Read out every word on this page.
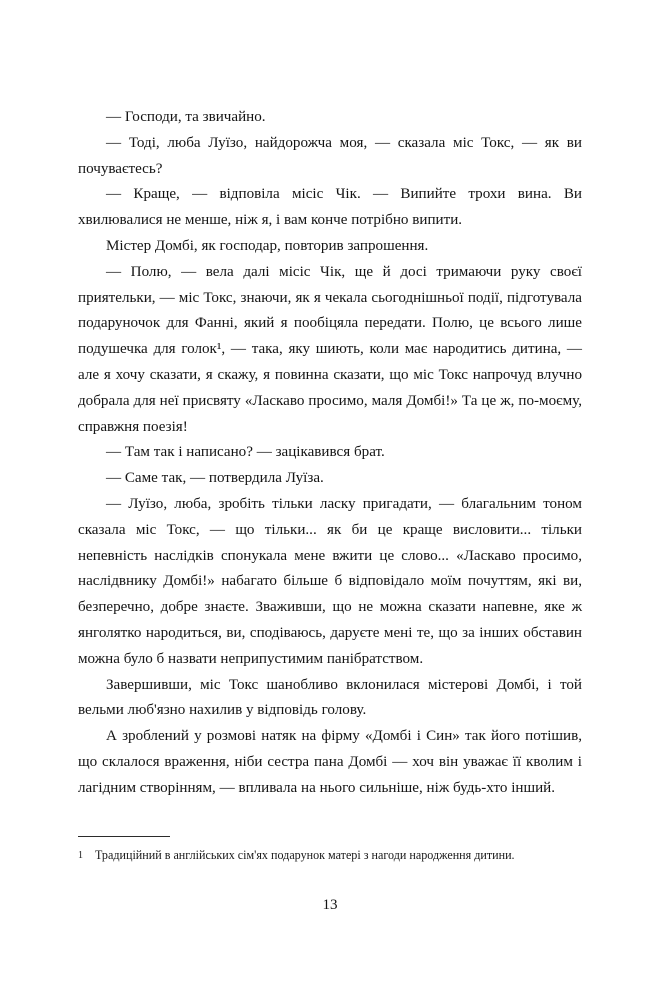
— Господи, та звичайно.

— Тоді, люба Луїзо, найдорожча моя, — сказала міс Токс, — як ви почуваєтесь?

— Краще, — відповіла місіс Чік. — Випийте трохи вина. Ви хвилювалися не менше, ніж я, і вам конче потрібно випити.

Містер Домбі, як господар, повторив запрошення.

— Полю, — вела далі місіс Чік, ще й досі тримаючи руку своєї приятельки, — міс Токс, знаючи, як я чекала сьогоднішньої події, підготувала подаруночок для Фанні, який я пообіцяла передати. Полю, це всього лише подушечка для голок¹, — така, яку шиють, коли має народитись дитина, — але я хочу сказати, я скажу, я повинна сказати, що міс Токс напрочуд влучно добрала для неї присвяту «Ласкаво просимо, маля Домбі!» Та це ж, по-моєму, справжня поезія!

— Там так і написано? — зацікавився брат.

— Саме так, — потвердила Луїза.

— Луїзо, люба, зробіть тільки ласку пригадати, — благальним тоном сказала міс Токс, — що тільки... як би це краще висловити... тільки непевність наслідків спонукала мене вжити це слово... «Ласкаво просимо, наслідвнику Домбі!» набагато більше б відповідало моїм почуттям, які ви, безперечно, добре знаєте. Зваживши, що не можна сказати напевне, яке ж янголятко народиться, ви, сподіваюсь, даруєте мені те, що за інших обставин можна було б назвати неприпустимим панібратством.

Завершивши, міс Токс шанобливо вклонилася містерові Домбі, і той вельми люб'язно нахилив у відповідь голову.

А зроблений у розмові натяк на фірму «Домбі і Син» так його потішив, що склалося враження, ніби сестра пана Домбі — хоч він уважає її кволим і лагідним створінням, — впливала на нього сильніше, ніж будь-хто інший.

1 Традиційний в англійських сім'ях подарунок матері з нагоди народження дитини.
13
